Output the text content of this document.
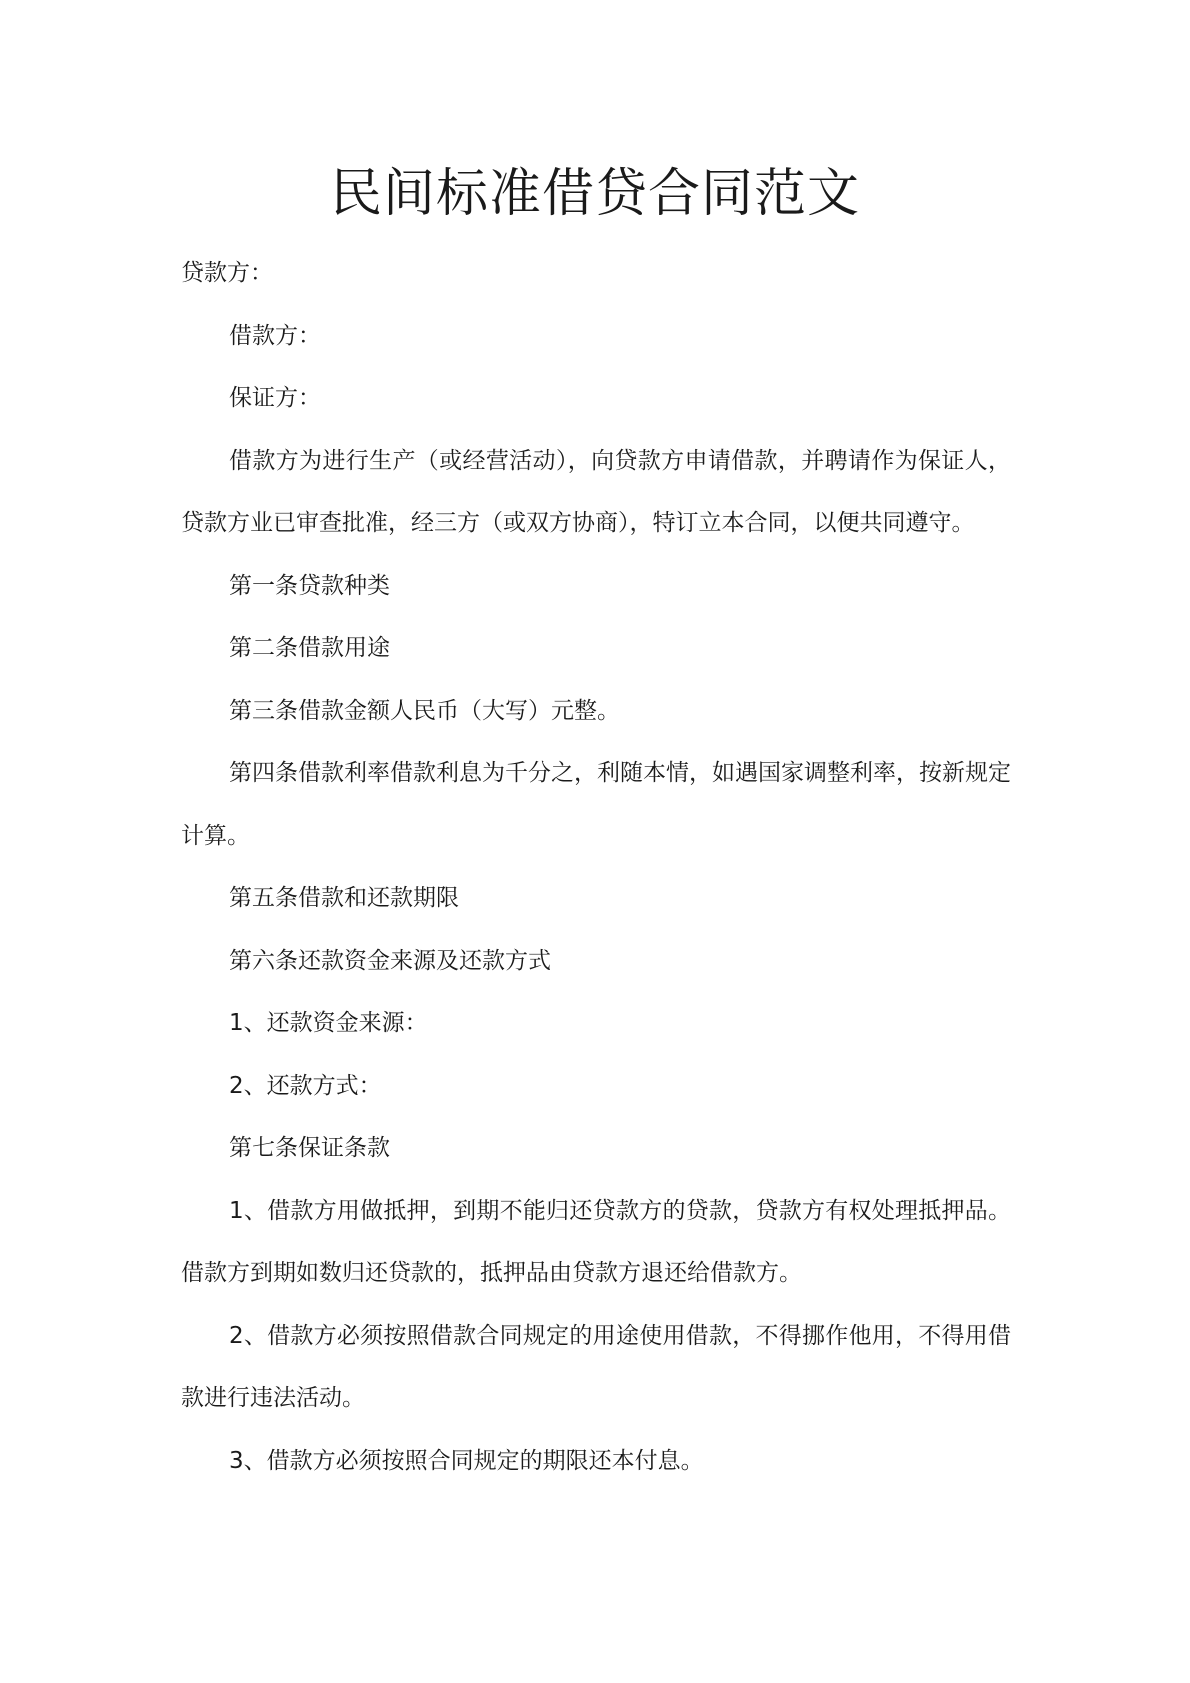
民间标准借贷合同范文

贷款方：

借款方：

保证方：

借款方为进行生产（或经营活动），向贷款方申请借款，并聘请作为保证人，贷款方业已审查批准，经三方（或双方协商），特订立本合同，以便共同遵守。

第一条贷款种类

第二条借款用途

第三条借款金额人民币（大写）元整。

第四条借款利率借款利息为千分之，利随本情，如遇国家调整利率，按新规定计算。

第五条借款和还款期限

第六条还款资金来源及还款方式

1、还款资金来源：

2、还款方式：

第七条保证条款

1、借款方用做抵押，到期不能归还贷款方的贷款，贷款方有权处理抵押品。借款方到期如数归还贷款的，抵押品由贷款方退还给借款方。

2、借款方必须按照借款合同规定的用途使用借款，不得挪作他用，不得用借款进行违法活动。

3、借款方必须按照合同规定的期限还本付息。
